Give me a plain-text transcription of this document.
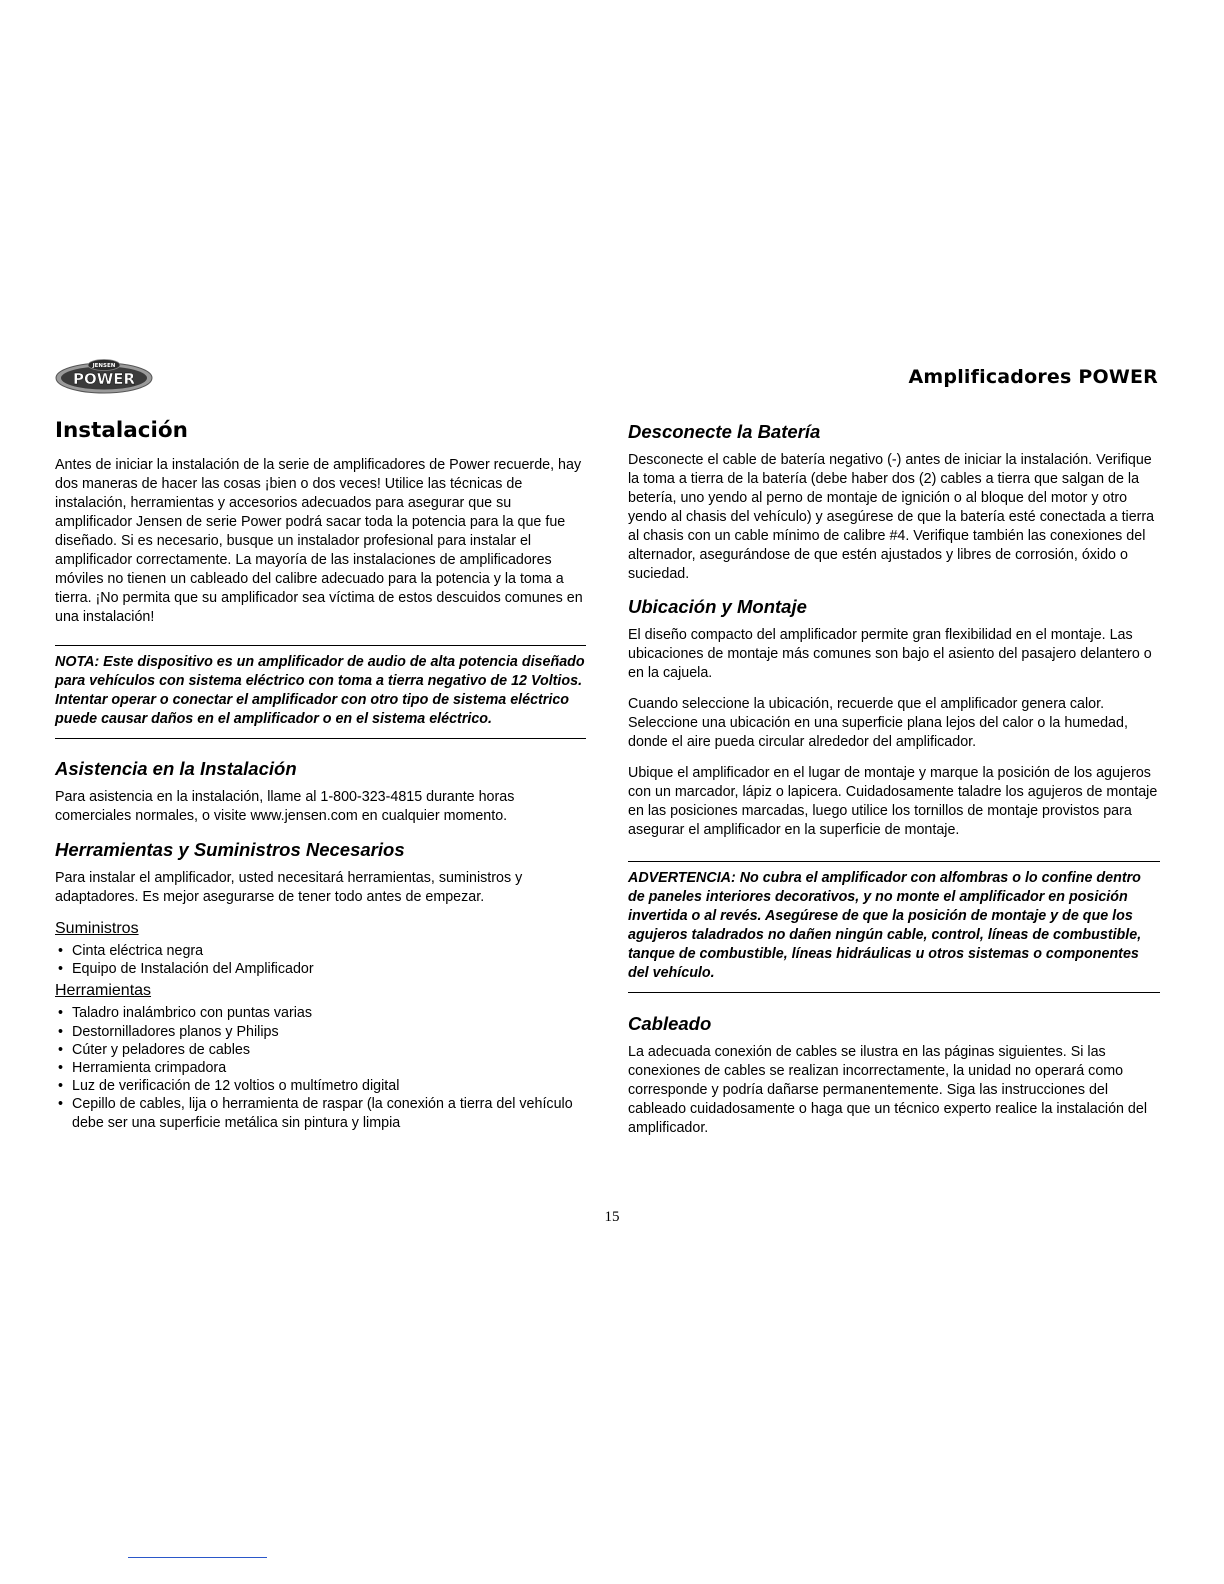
JENSEN
POWER	Amplificadores POWER
Instalación

Antes de iniciar la instalación de la serie de amplificadores de Power recuerde, hay dos maneras de hacer las cosas ¡bien o dos veces! Utilice las técnicas de instalación, herramientas y accesorios adecuados para asegurar que su amplificador Jensen de serie Power podrá sacar toda la potencia para la que fue diseñado. Si es necesario, busque un instalador profesional para instalar el amplificador correctamente. La mayoría de las instalaciones de amplificadores móviles no tienen un cableado del calibre adecuado para la potencia y la toma a tierra. ¡No permita que su amplificador sea víctima de estos descuidos comunes en una instalación!

NOTA: Este dispositivo es un amplificador de audio de alta potencia diseñado para vehículos con sistema eléctrico con toma a tierra negativo de 12 Voltios. Intentar operar o conectar el amplificador con otro tipo de sistema eléctrico puede causar daños en el amplificador o en el sistema eléctrico.
Asistencia en la Instalación

Para asistencia en la instalación, llame al 1-800-323-4815 durante horas comerciales normales, o visite www.jensen.com en cualquier momento.

Herramientas y Suministros Necesarios

Para instalar el amplificador, usted necesitará herramientas, suministros y adaptadores. Es mejor asegurarse de tener todo antes de empezar.

Suministros
• Cinta eléctrica negra
• Equipo de Instalación del Amplificador
Herramientas
• Taladro inalámbrico con puntas varias
• Destornilladores planos y Philips
• Cúter y peladores de cables
• Herramienta crimpadora
• Luz de verificación de 12 voltios o multímetro digital
• Cepillo de cables, lija o herramienta de raspar (la conexión a tierra del vehículo debe ser una superficie metálica sin pintura y limpia
Desconecte la Batería

Desconecte el cable de batería negativo (-) antes de iniciar la instalación. Verifique la toma a tierra de la batería (debe haber dos (2) cables a tierra que salgan de la betería, uno yendo al perno de montaje de ignición o al bloque del motor y otro yendo al chasis del vehículo) y asegúrese de que la batería esté conectada a tierra al chasis con un cable mínimo de calibre #4. Verifique también las conexiones del alternador, asegurándose de que estén ajustados y libres de corrosión, óxido o suciedad.

Ubicación y Montaje

El diseño compacto del amplificador permite gran flexibilidad en el montaje. Las ubicaciones de montaje más comunes son bajo el asiento del pasajero delantero o en la cajuela.

Cuando seleccione la ubicación, recuerde que el amplificador genera calor. Seleccione una ubicación en una superficie plana lejos del calor o la humedad, donde el aire pueda circular alrededor del amplificador.

Ubique el amplificador en el lugar de montaje y marque la posición de los agujeros con un marcador, lápiz o lapicera. Cuidadosamente taladre los agujeros de montaje en las posiciones marcadas, luego utilice los tornillos de montaje provistos para asegurar el amplificador en la superficie de montaje.

ADVERTENCIA: No cubra el amplificador con alfombras o lo confine dentro de paneles interiores decorativos, y no monte el amplificador en posición invertida o al revés. Asegúrese de que la posición de montaje y de que los agujeros taladrados no dañen ningún cable, control, líneas de combustible, tanque de combustible, líneas hidráulicas u otros sistemas o componentes del vehículo.
Cableado

La adecuada conexión de cables se ilustra en las páginas siguientes. Si las conexiones de cables se realizan incorrectamente, la unidad no operará como corresponde y podría dañarse permanentemente. Siga las instrucciones del cableado cuidadosamente o haga que un técnico experto realice la instalación del amplificador.

15
